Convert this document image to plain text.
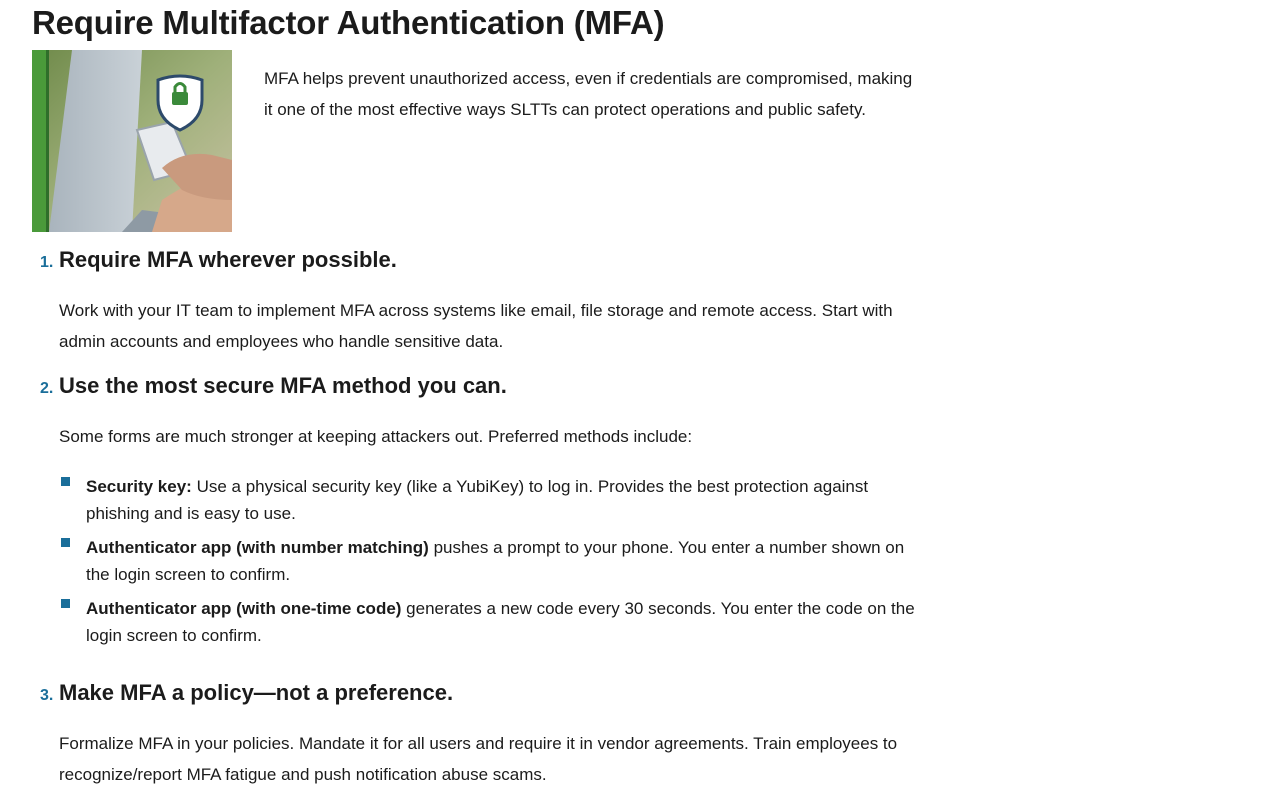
Require Multifactor Authentication (MFA)

MFA helps prevent unauthorized access, even if credentials are compromised, making it one of the most effective ways SLTTs can protect operations and public safety.

1. Require MFA wherever possible.

Work with your IT team to implement MFA across systems like email, file storage and remote access. Start with admin accounts and employees who handle sensitive data.

2. Use the most secure MFA method you can.

Some forms are much stronger at keeping attackers out. Preferred methods include:

Security key: Use a physical security key (like a YubiKey) to log in. Provides the best protection against phishing and is easy to use.
Authenticator app (with number matching) pushes a prompt to your phone. You enter a number shown on the login screen to confirm.
Authenticator app (with one-time code) generates a new code every 30 seconds. You enter the code on the login screen to confirm.
3. Make MFA a policy—not a preference.

Formalize MFA in your policies. Mandate it for all users and require it in vendor agreements. Train employees to recognize/report MFA fatigue and push notification abuse scams.
